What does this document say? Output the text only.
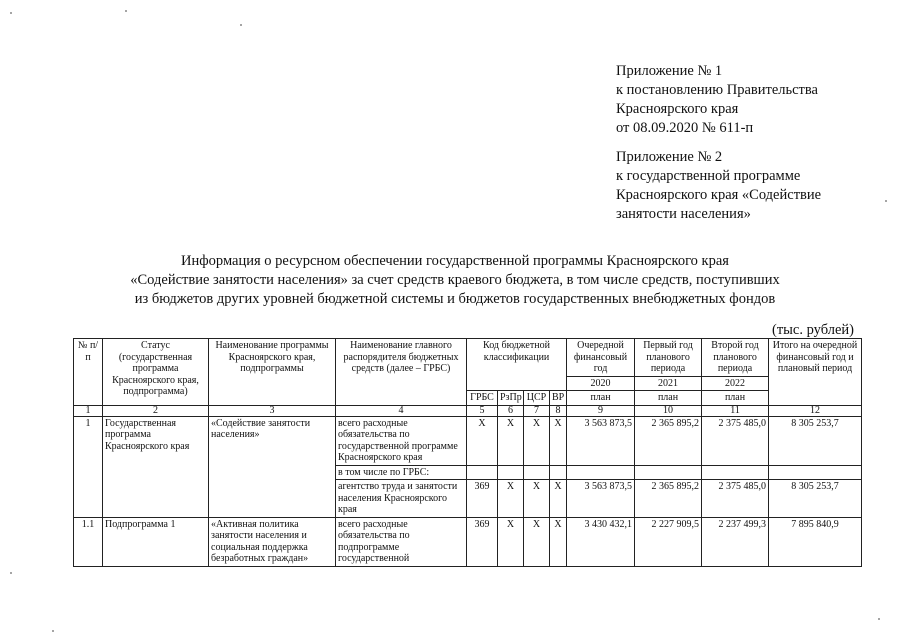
Приложение № 1
к постановлению Правительства
Красноярского края
от 08.09.2020 № 611-п
Приложение № 2
к государственной программе
Красноярского края «Содействие
занятости населения»
Информация о ресурсном обеспечении государственной программы Красноярского края
«Содействие занятости населения» за счет средств краевого бюджета, в том числе средств, поступивших
из бюджетов других уровней бюджетной системы и бюджетов государственных внебюджетных фондов
(тыс. рублей)
№ п/п	Статус (государственная программа Красноярского края, подпрограмма)	Наименование программы Красноярского края, подпрограммы	Наименование главного распорядителя бюджетных средств (далее – ГРБС)	Код бюджетной классификации				Очередной финансовый год	Первый год планового периода	Второй год планового периода	Итого на очередной финансовый год и плановый период
								2020	2021	2022	
				ГРБС	РзПр	ЦСР	ВР	план	план	план	
1	2	3	4	5	6	7	8	9	10	11	12
1	Государственная программа Красноярского края	«Содействие занятости населения»	всего расходные обязательства по государственной программе Красноярского края	Х	Х	Х	Х	3 563 873,5	2 365 895,2	2 375 485,0	8 305 253,7
			в том числе по ГРБС:								
			агентство труда и занятости населения Красноярского края	369	Х	Х	Х	3 563 873,5	2 365 895,2	2 375 485,0	8 305 253,7
1.1	Подпрограмма 1	«Активная политика занятости населения и социальная поддержка безработных граждан»	всего расходные обязательства по подпрограмме государственной	369	Х	Х	Х	3 430 432,1	2 227 909,5	2 237 499,3	7 895 840,9
